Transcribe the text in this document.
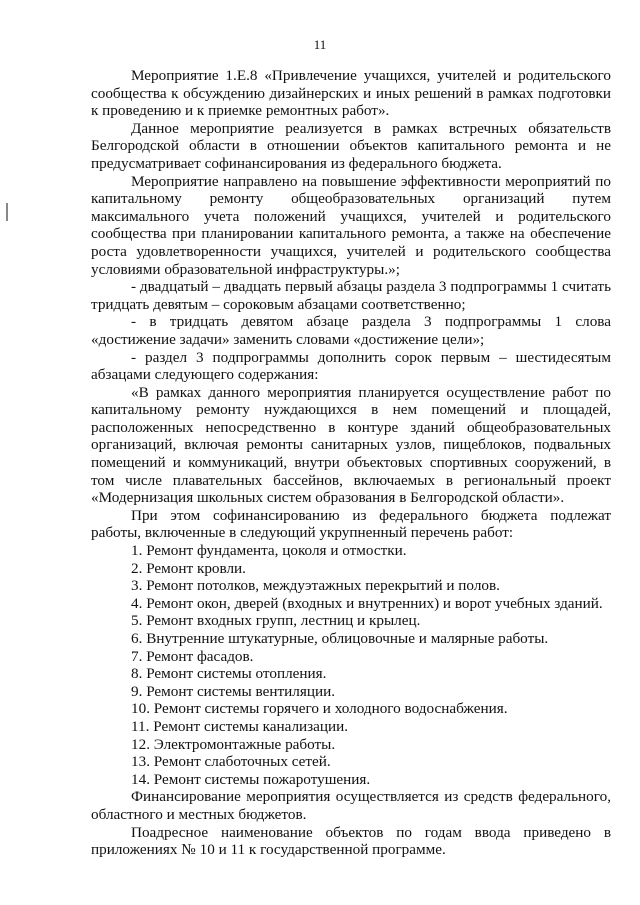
11

Мероприятие 1.Е.8 «Привлечение учащихся, учителей и родительского сообщества к обсуждению дизайнерских и иных решений в рамках подготовки к проведению и к приемке ремонтных работ».

Данное мероприятие реализуется в рамках встречных обязательств Белгородской области в отношении объектов капитального ремонта и не предусматривает софинансирования из федерального бюджета.

Мероприятие направлено на повышение эффективности мероприятий по капитальному ремонту общеобразовательных организаций путем максимального учета положений учащихся, учителей и родительского сообщества при планировании капитального ремонта, а также на обеспечение роста удовлетворенности учащихся, учителей и родительского сообщества условиями образовательной инфраструктуры.»;

- двадцатый – двадцать первый абзацы раздела 3 подпрограммы 1 считать тридцать девятым – сороковым абзацами соответственно;

- в тридцать девятом абзаце раздела 3 подпрограммы 1 слова «достижение задачи» заменить словами «достижение цели»;

- раздел 3 подпрограммы дополнить сорок первым – шестидесятым абзацами следующего содержания:

«В рамках данного мероприятия планируется осуществление работ по капитальному ремонту нуждающихся в нем помещений и площадей, расположенных непосредственно в контуре зданий общеобразовательных организаций, включая ремонты санитарных узлов, пищеблоков, подвальных помещений и коммуникаций, внутри объектовых спортивных сооружений, в том числе плавательных бассейнов, включаемых в региональный проект «Модернизация школьных систем образования в Белгородской области».

При этом софинансированию из федерального бюджета подлежат работы, включенные в следующий укрупненный перечень работ:

1. Ремонт фундамента, цоколя и отмостки.

2. Ремонт кровли.

3. Ремонт потолков, междуэтажных перекрытий и полов.

4. Ремонт окон, дверей (входных и внутренних) и ворот учебных зданий.

5. Ремонт входных групп, лестниц и крылец.

6. Внутренние штукатурные, облицовочные и малярные работы.

7. Ремонт фасадов.

8. Ремонт системы отопления.

9. Ремонт системы вентиляции.

10. Ремонт системы горячего и холодного водоснабжения.

11. Ремонт системы канализации.

12. Электромонтажные работы.

13. Ремонт слаботочных сетей.

14. Ремонт системы пожаротушения.

Финансирование мероприятия осуществляется из средств федерального, областного и местных бюджетов.

Поадресное наименование объектов по годам ввода приведено в приложениях № 10 и 11 к государственной программе.
